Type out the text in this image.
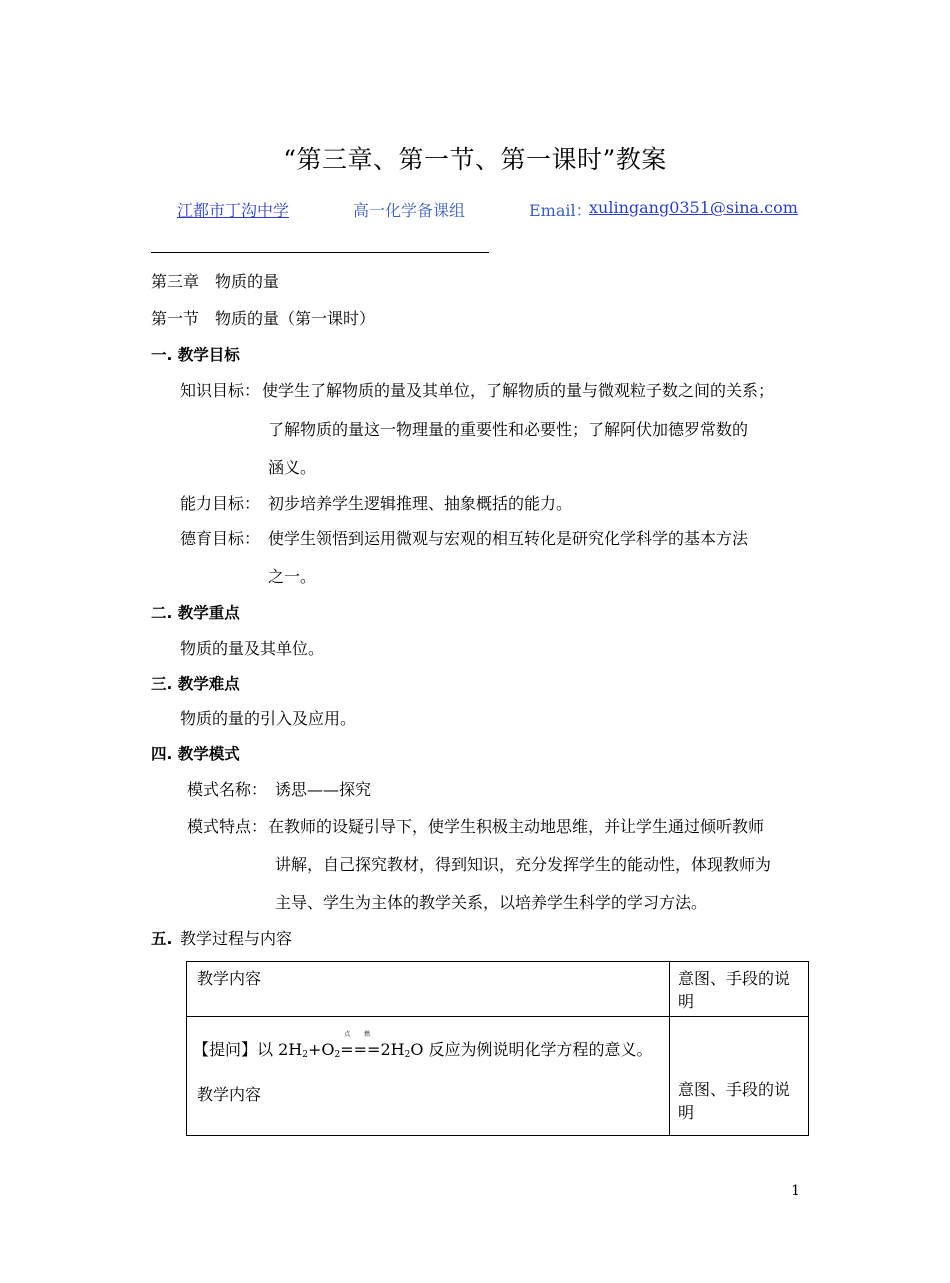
“第三章、第一节、第一课时”教案
江都市丁沟中学	高一化学备课组	Email：
xulingang0351@sina.com
第三章　物质的量
第一节　物质的量（第一课时）
一. 教学目标
知识目标： 使学生了解物质的量及其单位，了解物质的量与微观粒子数之间的关系；
了解物质的量这一物理量的重要性和必要性；了解阿伏加德罗常数的
涵义。
能力目标： 初步培养学生逻辑推理、抽象概括的能力。
德育目标： 使学生领悟到运用微观与宏观的相互转化是研究化学科学的基本方法
之一。
二. 教学重点
物质的量及其单位。
三. 教学难点
物质的量的引入及应用。
四. 教学模式
模式名称： 诱思——探究
模式特点： 在教师的设疑引导下，使学生积极主动地思维，并让学生通过倾听教师
讲解，自己探究教材，得到知识，充分发挥学生的能动性，体现教师为
主导、学生为主体的教学关系，以培养学生科学的学习方法。
五. 教学过程与内容
教学内容	意图、手段的说明

【提问】以 $2H_2+O_2$
点 燃
$===2H_2O$ 反应为例说明化学方程的意义。
教学内容	意图、手段的说明
1
